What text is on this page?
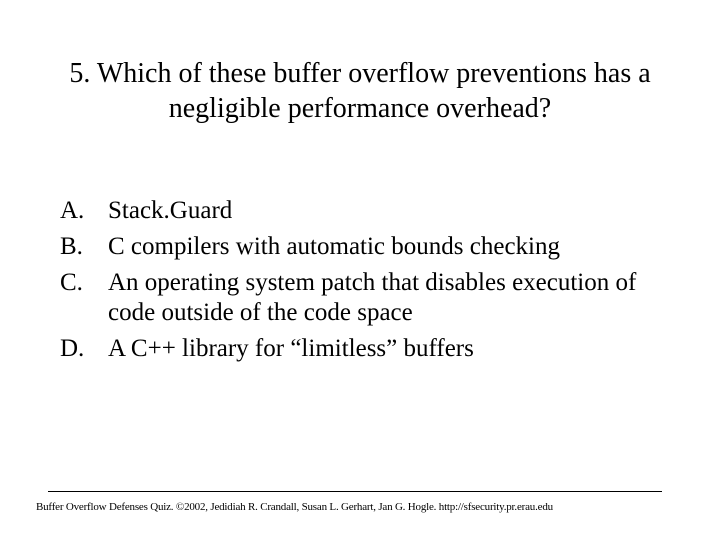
5. Which of these buffer overflow preventions has a negligible performance overhead?
A. Stack.Guard
B.	C compilers with automatic bounds checking
C.	An operating system patch that disables execution of code outside of the code space
D. A C++ library for “limitless” buffers
Buffer Overflow Defenses Quiz. ©2002, Jedidiah R. Crandall, Susan L. Gerhart, Jan G. Hogle. http://sfsecurity.pr.erau.edu
